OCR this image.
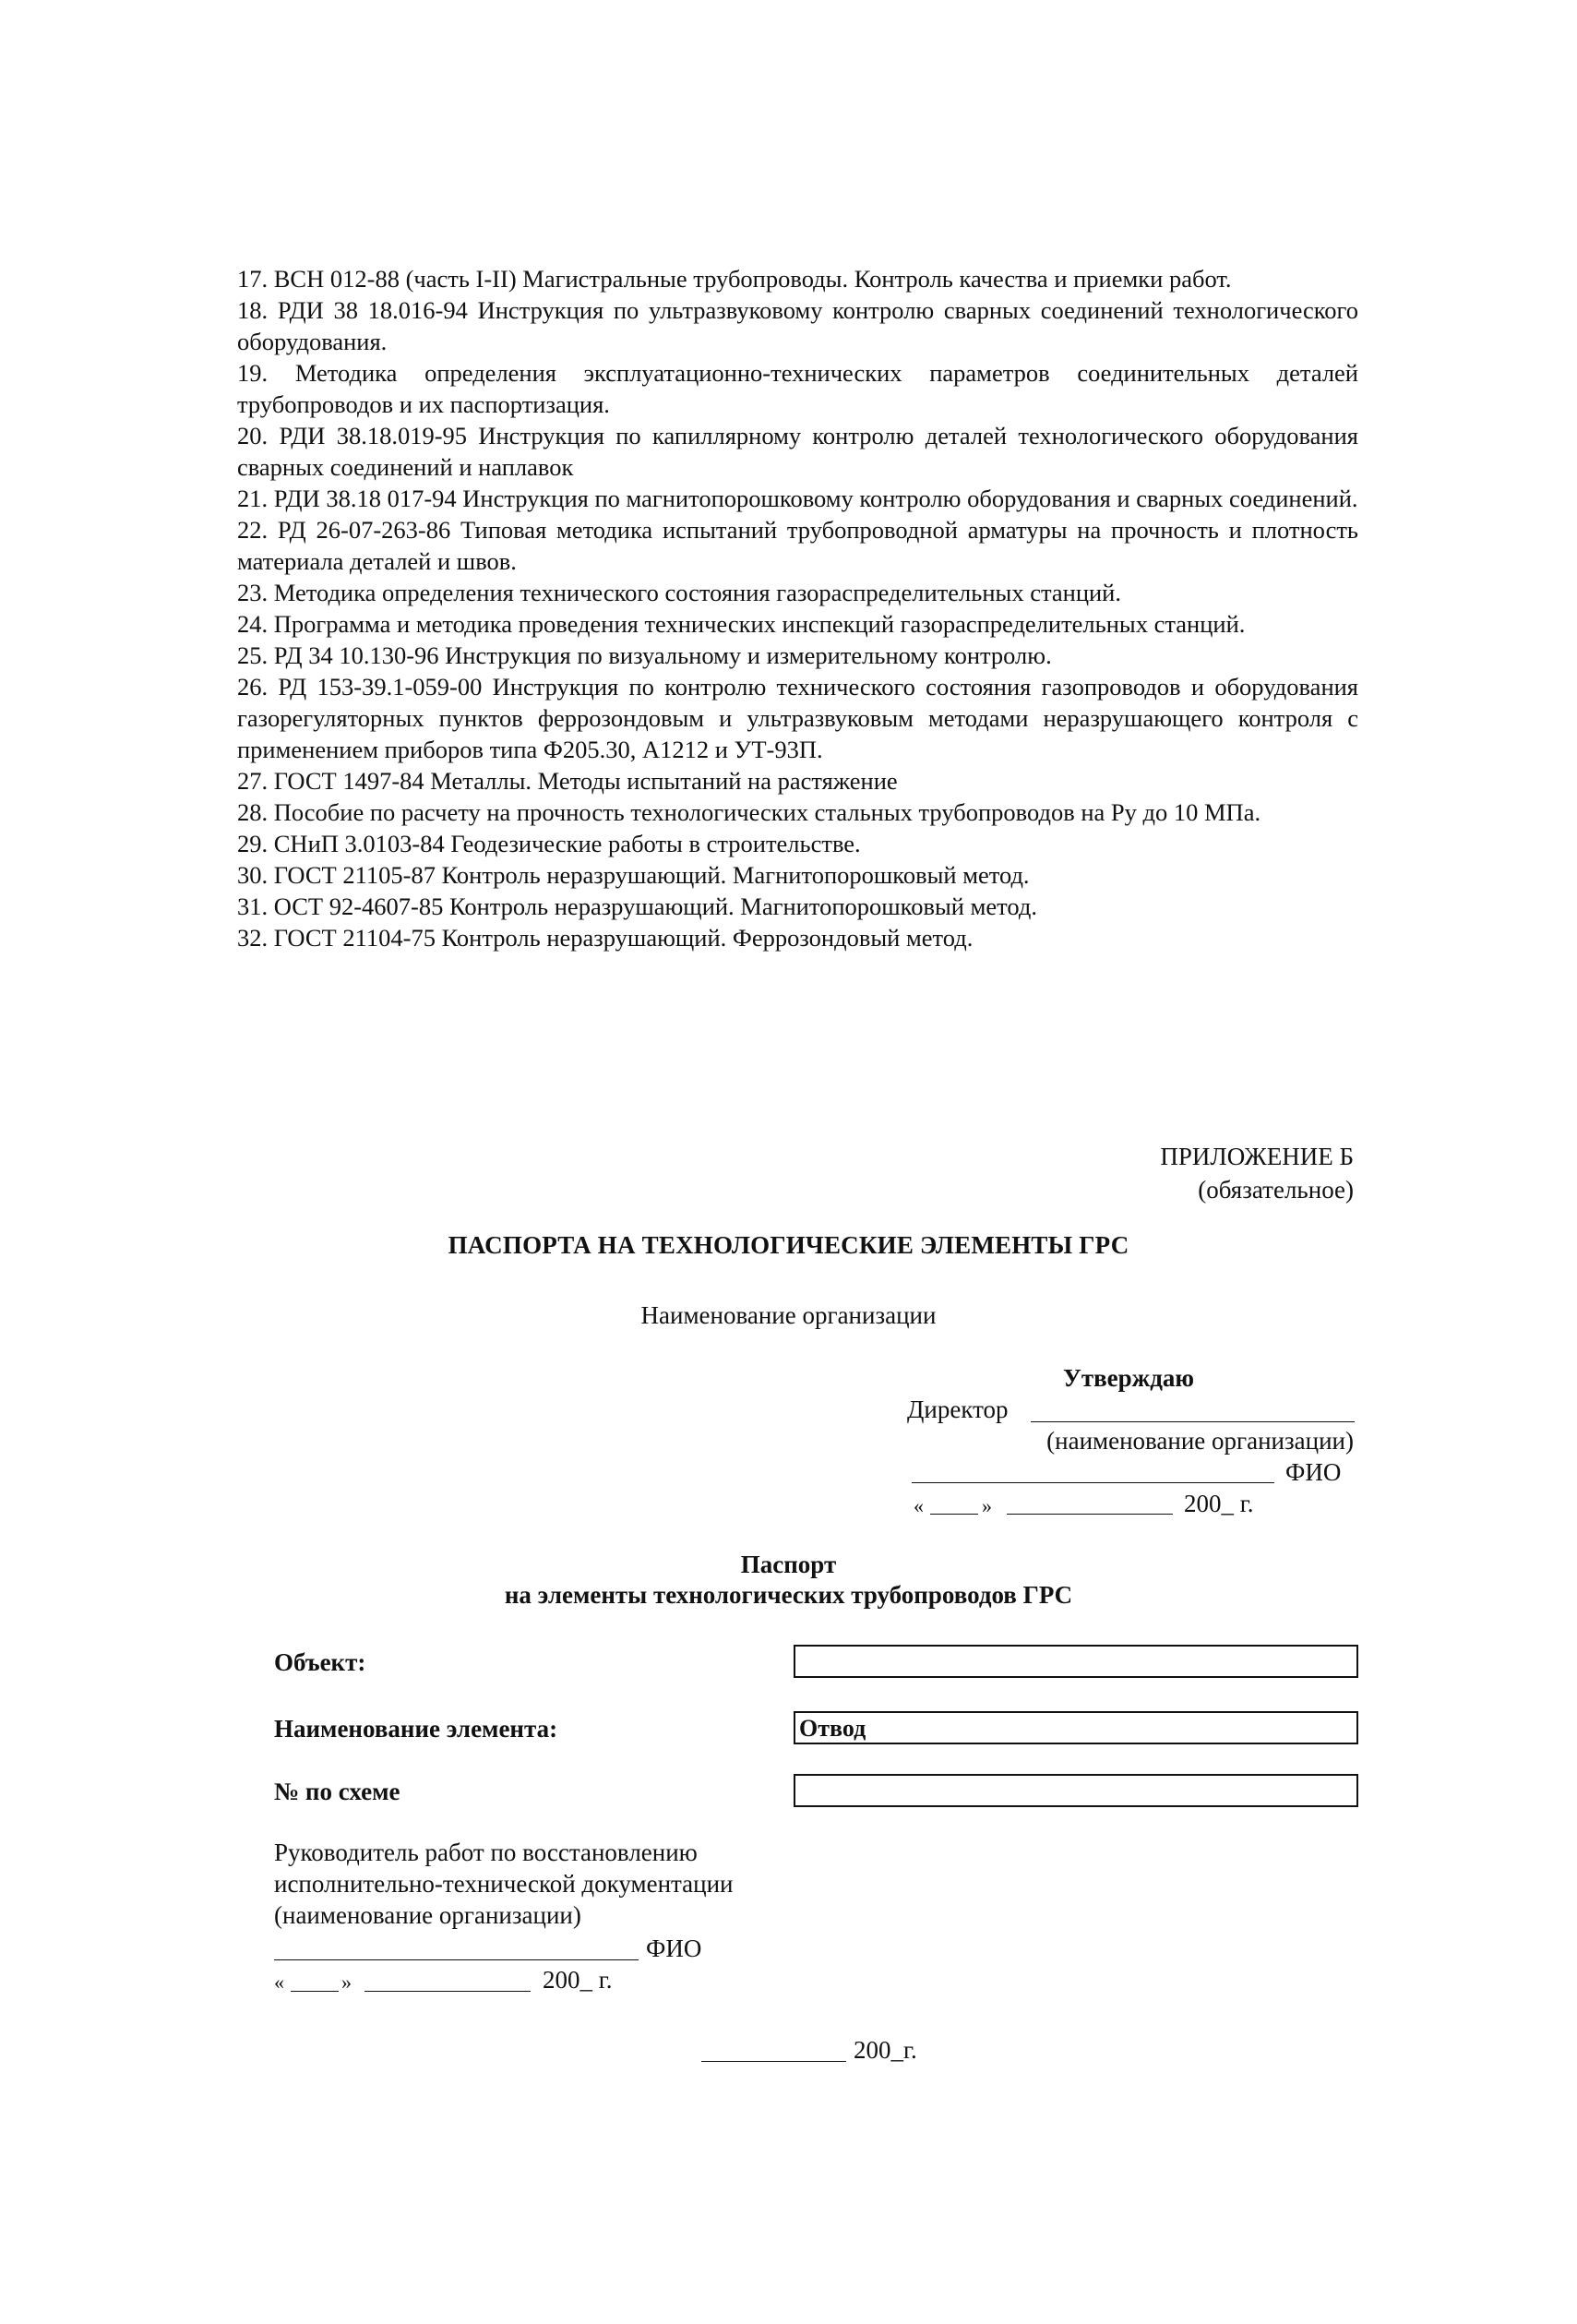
17. ВСН 012-88 (часть I-II) Магистральные трубопроводы. Контроль качества и приемки работ.
18. РДИ 38 18.016-94 Инструкция по ультразвуковому контролю сварных соединений технологического оборудования.
19. Методика определения эксплуатационно-технических параметров соединительных деталей трубопроводов и их паспортизация.
20. РДИ 38.18.019-95 Инструкция по капиллярному контролю деталей технологического оборудования сварных соединений и наплавок
21. РДИ 38.18 017-94 Инструкция по магнитопорошковому контролю оборудования и сварных соединений.
22. РД 26-07-263-86 Типовая методика испытаний трубопроводной арматуры на прочность и плотность материала деталей и швов.
23. Методика определения технического состояния газораспределительных станций.
24. Программа и методика проведения технических инспекций газораспределительных станций.
25. РД 34 10.130-96 Инструкция по визуальному и измерительному контролю.
26. РД 153-39.1-059-00 Инструкция по контролю технического состояния газопроводов и оборудования газорегуляторных пунктов феррозондовым и ультразвуковым методами неразрушающего контроля с применением приборов типа Ф205.30, А1212 и УТ-93П.
27. ГОСТ 1497-84 Металлы. Методы испытаний на растяжение
28. Пособие по расчету на прочность технологических стальных трубопроводов на Pу до 10 МПа.
29. СНиП 3.0103-84 Геодезические работы в строительстве.
30. ГОСТ 21105-87 Контроль неразрушающий. Магнитопорошковый метод.
31. ОСТ 92-4607-85 Контроль неразрушающий. Магнитопорошковый метод.
32. ГОСТ 21104-75 Контроль неразрушающий. Феррозондовый метод.
ПРИЛОЖЕНИЕ Б
(обязательное)
ПАСПОРТА НА ТЕХНОЛОГИЧЕСКИЕ ЭЛЕМЕНТЫ ГРС
Наименование организации
Утверждаю
Директор
(наименование организации)
ФИО
«	»	200_ г.
Паспорт
на элементы технологических трубопроводов ГРС
Объект:
Наименование элемента:	Отвод
№ по схеме
Руководитель работ по восстановлению
исполнительно-технической документации
(наименование организации)
ФИО
«	»	200_ г.
200_г.
